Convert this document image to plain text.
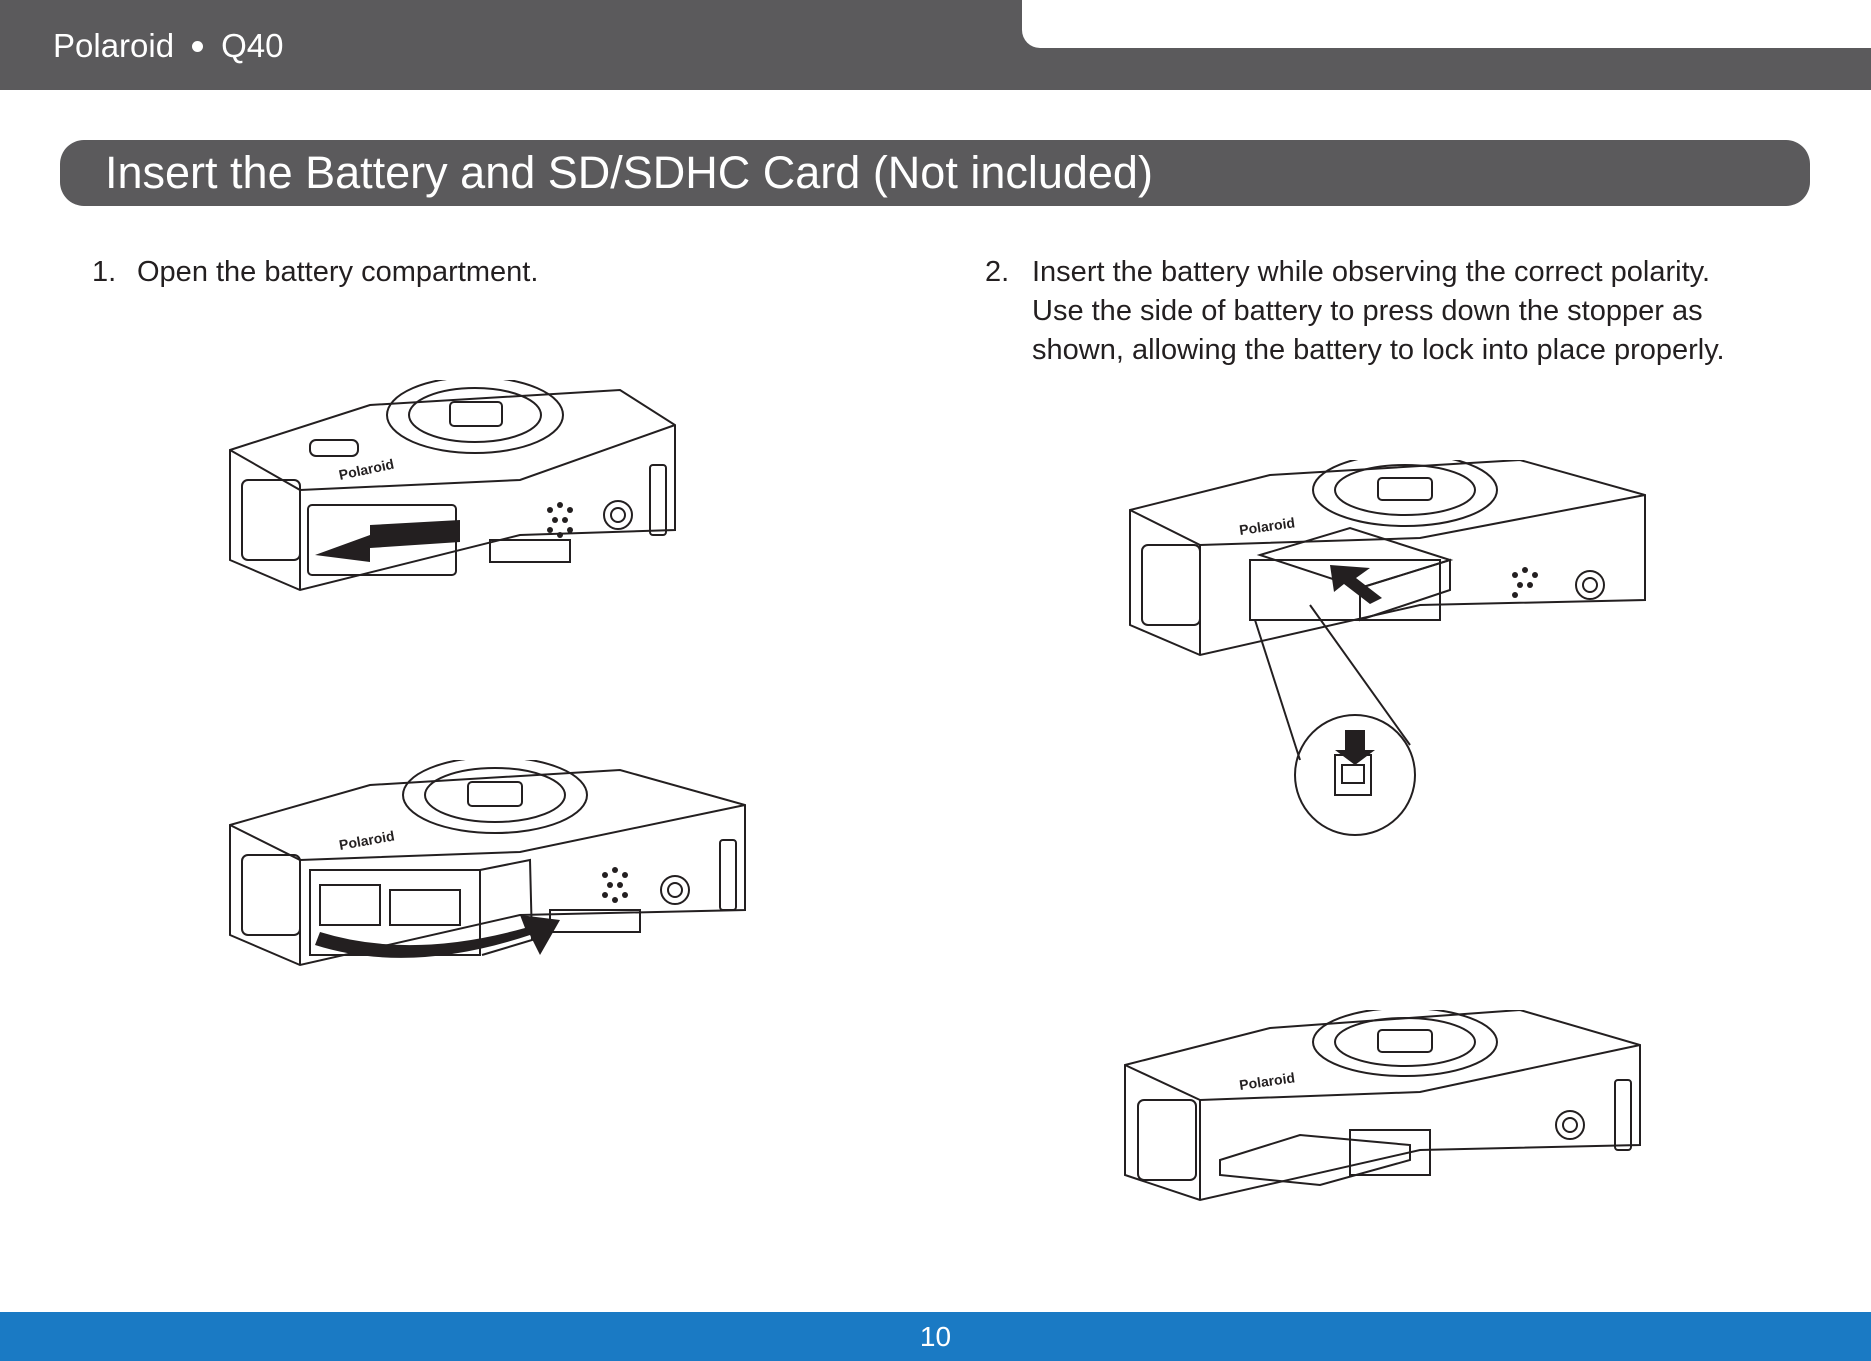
Polaroid Q40
Insert the Battery and SD/SDHC Card (Not included)
1. Open the battery compartment.	2. Insert the battery while observing the correct polarity. Use the side of battery to press down the stopper as shown, allowing the battery to lock into place properly.
Polaroid
Polaroid
Polaroid
Polaroid
10
